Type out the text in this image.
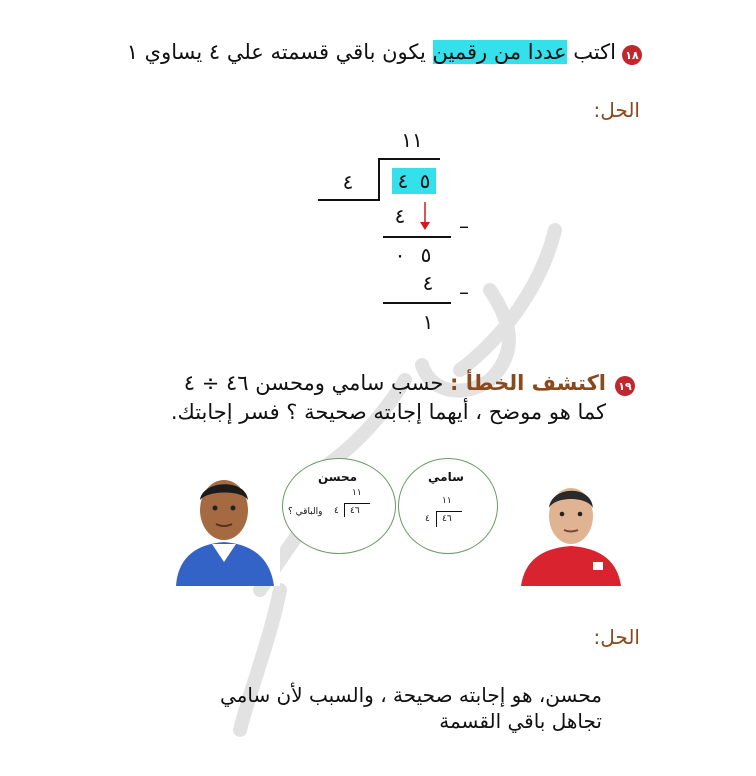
١٨
اكتب عددا من رقمين يكون باقي قسمته علي ٤ يساوي ١
الحل:
١١
٤	٤ ٥
٤	–
٠ ٥
٤	–
١
١٩
اكتشف الخطأ : حسب سامي ومحسن ٤٦ ÷ ٤
كما هو موضح ، أيهما إجابته صحيحة ؟ فسر إجابتك.
محسن
١١
٤٦
٤
والباقي ؟
سامي
١١
٤٦
٤
الحل:
محسن، هو إجابته صحيحة ، والسبب لأن سامي
تجاهل باقي القسمة
